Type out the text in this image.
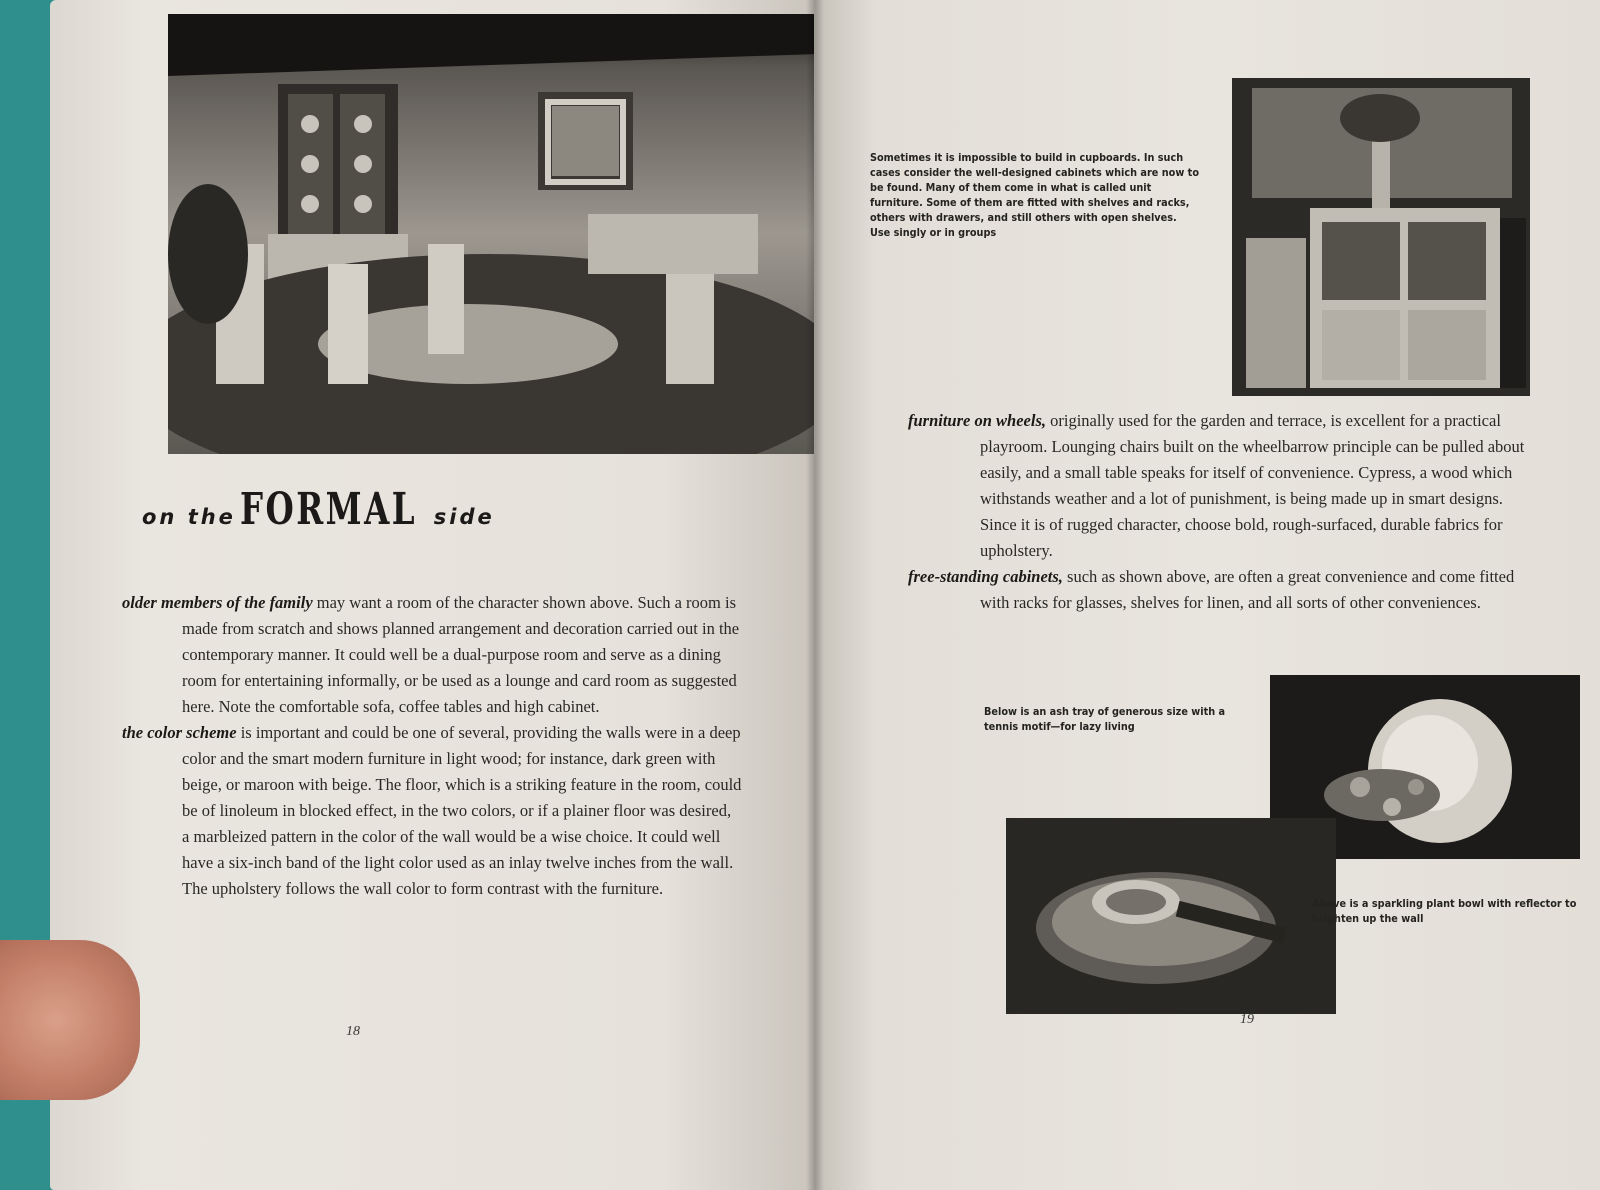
on the FORMAL side

older members of the family may want a room of the character shown above. Such a room is made from scratch and shows planned arrangement and decoration carried out in the contemporary manner. It could well be a dual-purpose room and serve as a dining room for entertaining informally, or be used as a lounge and card room as suggested here. Note the comfortable sofa, coffee tables and high cabinet.

the color scheme is important and could be one of several, providing the walls were in a deep color and the smart modern furniture in light wood; for instance, dark green with beige, or maroon with beige. The floor, which is a striking feature in the room, could be of linoleum in blocked effect, in the two colors, or if a plainer floor was desired, a marbleized pattern in the color of the wall would be a wise choice. It could well have a six-inch band of the light color used as an inlay twelve inches from the wall. The upholstery follows the wall color to form contrast with the furniture.

18
Sometimes it is impossible to build in cupboards. In such cases consider the well-designed cabinets which are now to be found. Many of them come in what is called unit furniture. Some of them are fitted with shelves and racks, others with drawers, and still others with open shelves. Use singly or in groups

furniture on wheels, originally used for the garden and terrace, is excellent for a practical playroom. Lounging chairs built on the wheelbarrow principle can be pulled about easily, and a small table speaks for itself of convenience. Cypress, a wood which withstands weather and a lot of punishment, is being made up in smart designs. Since it is of rugged character, choose bold, rough-surfaced, durable fabrics for upholstery.

free-standing cabinets, such as shown above, are often a great convenience and come fitted with racks for glasses, shelves for linen, and all sorts of other conveniences.

Below is an ash tray of generous size with a tennis motif—for lazy living
Above is a sparkling plant bowl with reflector to brighten up the wall
19
